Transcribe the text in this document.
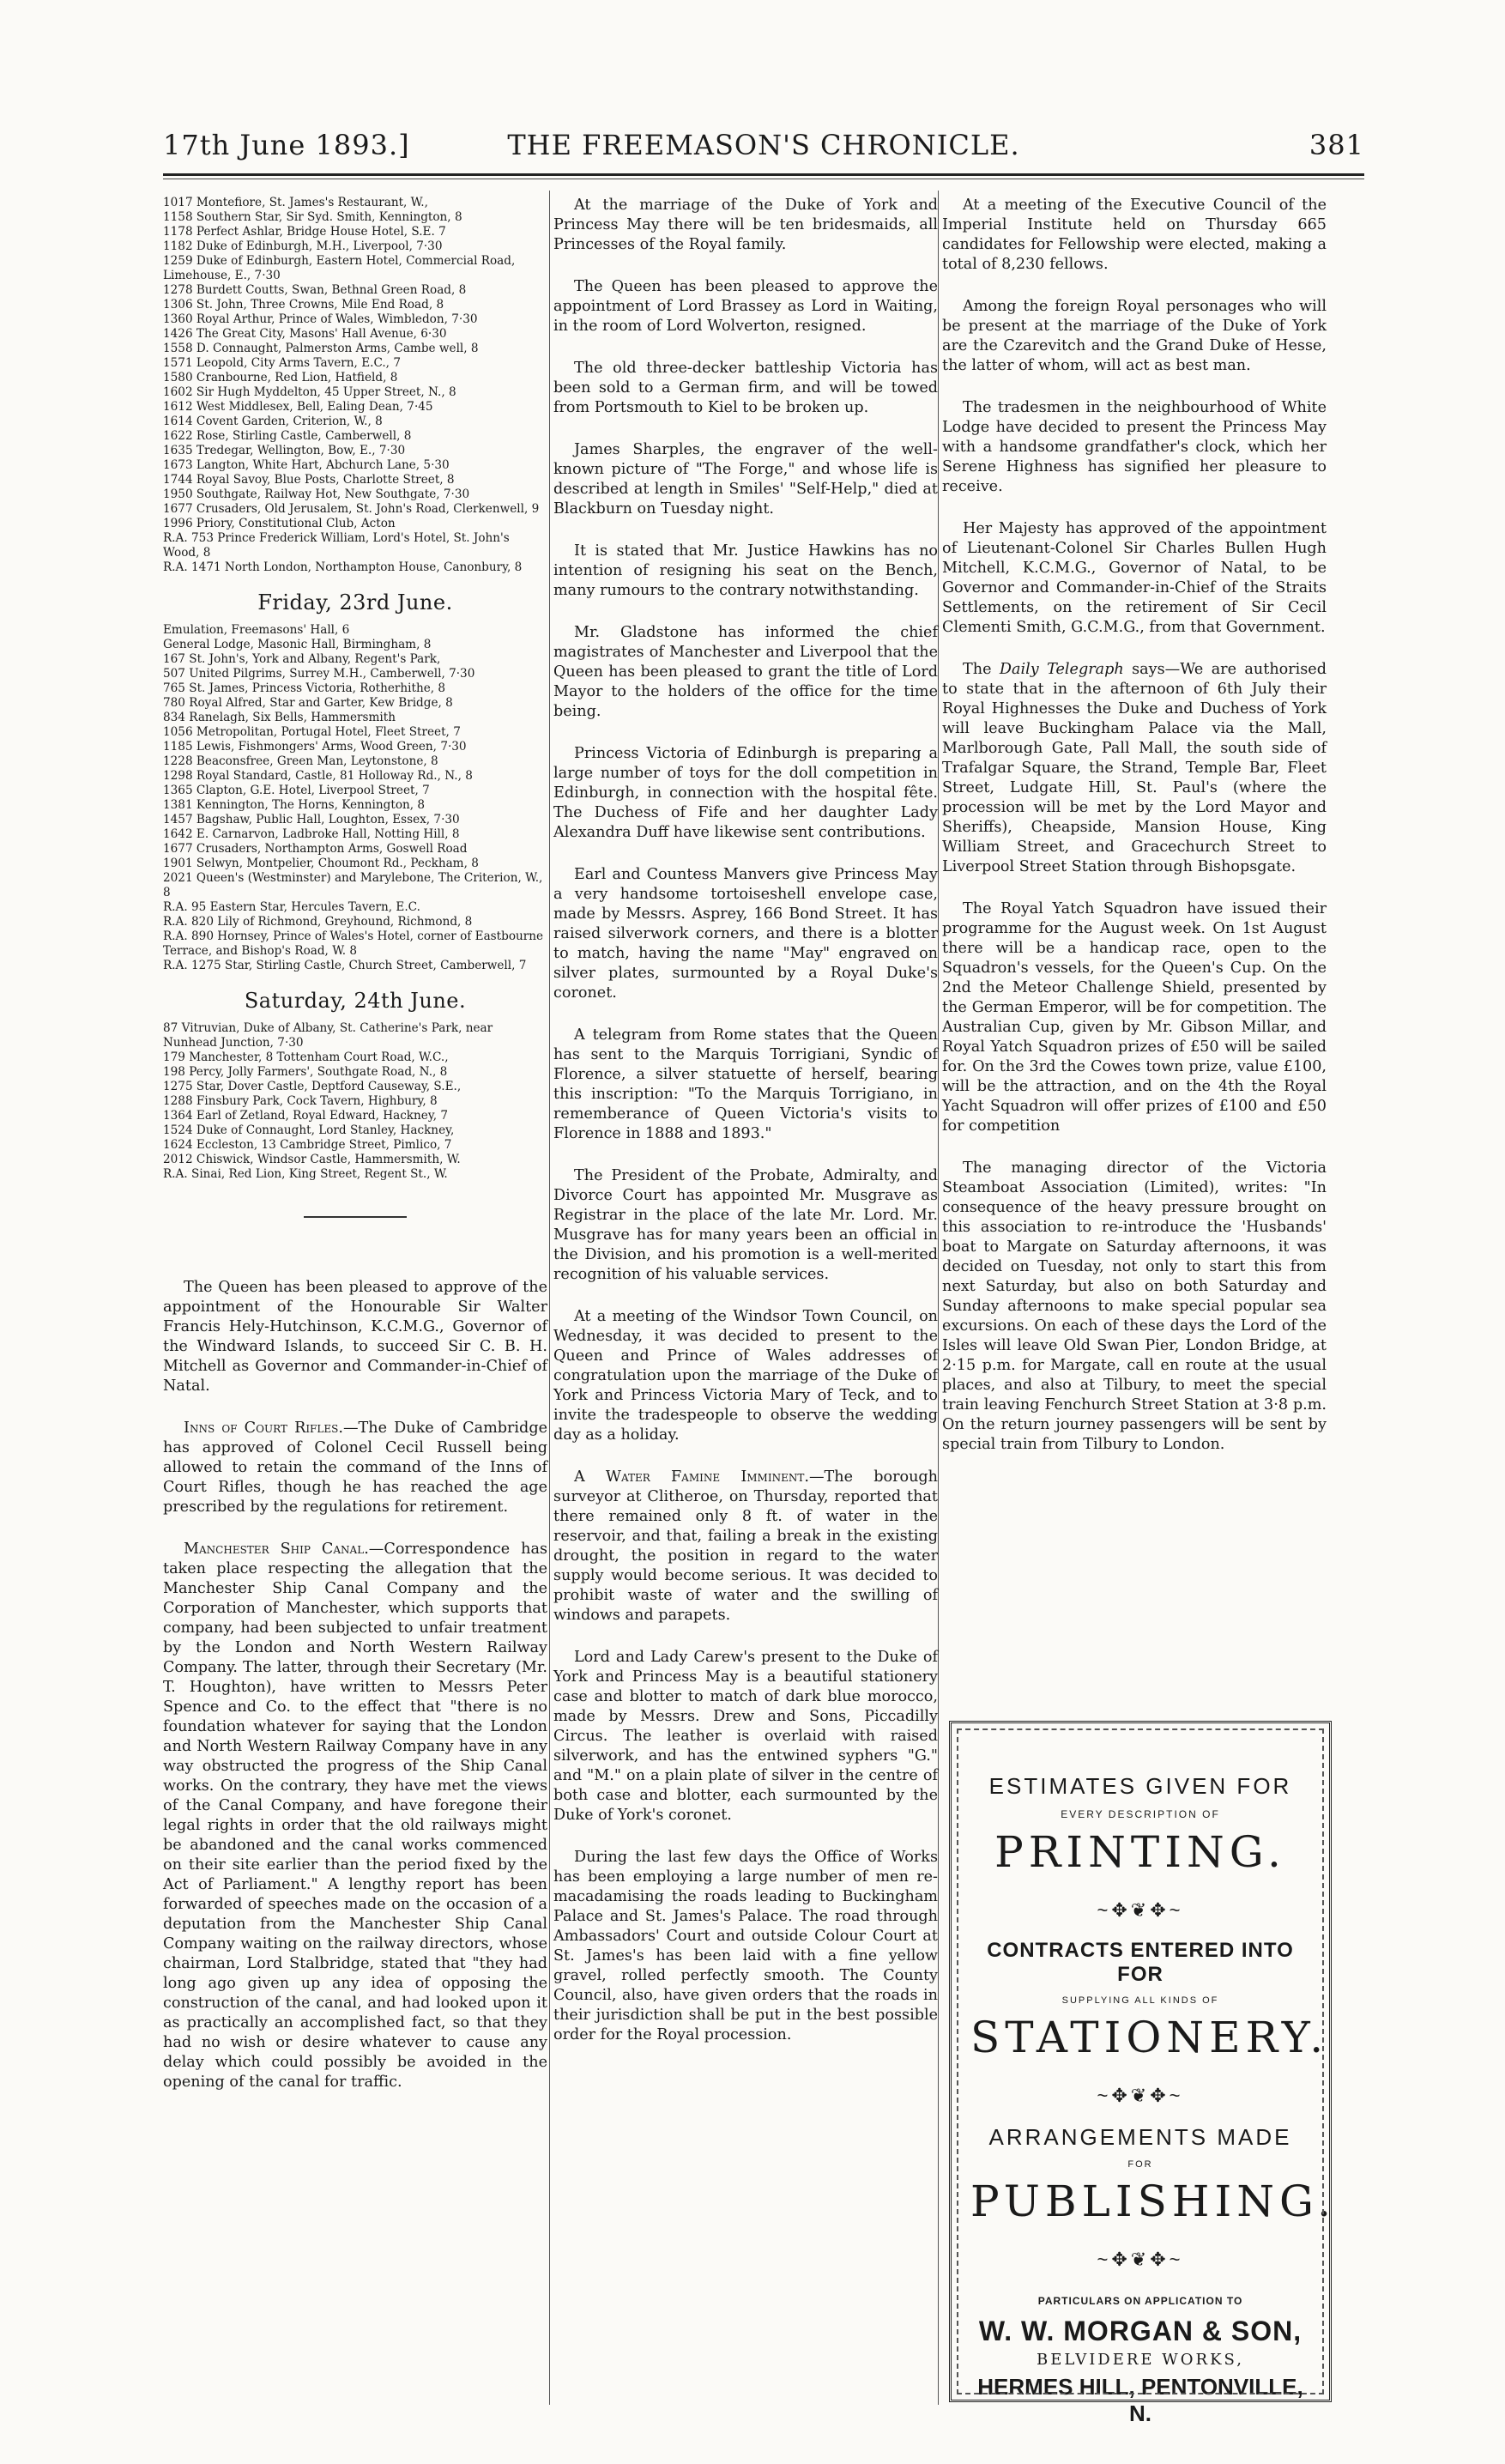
17th June 1893.]	THE FREEMASON'S CHRONICLE.	381
1017 Montefiore, St. James's Restaurant, W.,
1158 Southern Star, Sir Syd. Smith, Kennington, 8
1178 Perfect Ashlar, Bridge House Hotel, S.E. 7
1182 Duke of Edinburgh, M.H., Liverpool, 7·30
1259 Duke of Edinburgh, Eastern Hotel, Commercial Road, Limehouse, E., 7·30
1278 Burdett Coutts, Swan, Bethnal Green Road, 8
1306 St. John, Three Crowns, Mile End Road, 8
1360 Royal Arthur, Prince of Wales, Wimbledon, 7·30
1426 The Great City, Masons' Hall Avenue, 6·30
1558 D. Connaught, Palmerston Arms, Cambe well, 8
1571 Leopold, City Arms Tavern, E.C., 7
1580 Cranbourne, Red Lion, Hatfield, 8
1602 Sir Hugh Myddelton, 45 Upper Street, N., 8
1612 West Middlesex, Bell, Ealing Dean, 7·45
1614 Covent Garden, Criterion, W., 8
1622 Rose, Stirling Castle, Camberwell, 8
1635 Tredegar, Wellington, Bow, E., 7·30
1673 Langton, White Hart, Abchurch Lane, 5·30
1744 Royal Savoy, Blue Posts, Charlotte Street, 8
1950 Southgate, Railway Hot, New Southgate, 7·30
1677 Crusaders, Old Jerusalem, St. John's Road, Clerkenwell, 9
1996 Priory, Constitutional Club, Acton
R.A. 753 Prince Frederick William, Lord's Hotel, St. John's Wood, 8
R.A. 1471 North London, Northampton House, Canonbury, 8
Friday, 23rd June.
Emulation, Freemasons' Hall, 6
General Lodge, Masonic Hall, Birmingham, 8
167 St. John's, York and Albany, Regent's Park,
507 United Pilgrims, Surrey M.H., Camberwell, 7·30
765 St. James, Princess Victoria, Rotherhithe, 8
780 Royal Alfred, Star and Garter, Kew Bridge, 8
834 Ranelagh, Six Bells, Hammersmith
1056 Metropolitan, Portugal Hotel, Fleet Street, 7
1185 Lewis, Fishmongers' Arms, Wood Green, 7·30
1228 Beaconsfree, Green Man, Leytonstone, 8
1298 Royal Standard, Castle, 81 Holloway Rd., N., 8
1365 Clapton, G.E. Hotel, Liverpool Street, 7
1381 Kennington, The Horns, Kennington, 8
1457 Bagshaw, Public Hall, Loughton, Essex, 7·30
1642 E. Carnarvon, Ladbroke Hall, Notting Hill, 8
1677 Crusaders, Northampton Arms, Goswell Road
1901 Selwyn, Montpelier, Choumont Rd., Peckham, 8
2021 Queen's (Westminster) and Marylebone, The Criterion, W., 8
R.A. 95 Eastern Star, Hercules Tavern, E.C.
R.A. 820 Lily of Richmond, Greyhound, Richmond, 8
R.A. 890 Hornsey, Prince of Wales's Hotel, corner of Eastbourne Terrace, and Bishop's Road, W. 8
R.A. 1275 Star, Stirling Castle, Church Street, Camberwell, 7
Saturday, 24th June.
87 Vitruvian, Duke of Albany, St. Catherine's Park, near Nunhead Junction, 7·30
179 Manchester, 8 Tottenham Court Road, W.C.,
198 Percy, Jolly Farmers', Southgate Road, N., 8
1275 Star, Dover Castle, Deptford Causeway, S.E.,
1288 Finsbury Park, Cock Tavern, Highbury, 8
1364 Earl of Zetland, Royal Edward, Hackney, 7
1524 Duke of Connaught, Lord Stanley, Hackney,
1624 Eccleston, 13 Cambridge Street, Pimlico, 7
2012 Chiswick, Windsor Castle, Hammersmith, W.
R.A. Sinai, Red Lion, King Street, Regent St., W.

The Queen has been pleased to approve of the appointment of the Honourable Sir Walter Francis Hely-Hutchinson, K.C.M.G., Governor of the Windward Islands, to succeed Sir C. B. H. Mitchell as Governor and Commander-in-Chief of Natal.

Inns of Court Rifles.—The Duke of Cambridge has approved of Colonel Cecil Russell being allowed to retain the command of the Inns of Court Rifles, though he has reached the age prescribed by the regulations for retirement.

Manchester Ship Canal.—Correspondence has taken place respecting the allegation that the Manchester Ship Canal Company and the Corporation of Manchester, which supports that company, had been subjected to unfair treatment by the London and North Western Railway Company. The latter, through their Secretary (Mr. T. Houghton), have written to Messrs Peter Spence and Co. to the effect that "there is no foundation whatever for saying that the London and North Western Railway Company have in any way obstructed the progress of the Ship Canal works. On the contrary, they have met the views of the Canal Company, and have foregone their legal rights in order that the old railways might be abandoned and the canal works commenced on their site earlier than the period fixed by the Act of Parliament." A lengthy report has been forwarded of speeches made on the occasion of a deputation from the Manchester Ship Canal Company waiting on the railway directors, whose chairman, Lord Stalbridge, stated that "they had long ago given up any idea of opposing the construction of the canal, and had looked upon it as practically an accomplished fact, so that they had no wish or desire whatever to cause any delay which could possibly be avoided in the opening of the canal for traffic.

At the marriage of the Duke of York and Princess May there will be ten bridesmaids, all Princesses of the Royal family.

The Queen has been pleased to approve the appointment of Lord Brassey as Lord in Waiting, in the room of Lord Wolverton, resigned.

The old three-decker battleship Victoria has been sold to a German firm, and will be towed from Portsmouth to Kiel to be broken up.

James Sharples, the engraver of the well-known picture of "The Forge," and whose life is described at length in Smiles' "Self-Help," died at Blackburn on Tuesday night.

It is stated that Mr. Justice Hawkins has no intention of resigning his seat on the Bench, many rumours to the contrary notwithstanding.

Mr. Gladstone has informed the chief magistrates of Manchester and Liverpool that the Queen has been pleased to grant the title of Lord Mayor to the holders of the office for the time being.

Princess Victoria of Edinburgh is preparing a large number of toys for the doll competition in Edinburgh, in connection with the hospital fête. The Duchess of Fife and her daughter Lady Alexandra Duff have likewise sent contributions.

Earl and Countess Manvers give Princess May a very handsome tortoiseshell envelope case, made by Messrs. Asprey, 166 Bond Street. It has raised silverwork corners, and there is a blotter to match, having the name "May" engraved on silver plates, surmounted by a Royal Duke's coronet.

A telegram from Rome states that the Queen has sent to the Marquis Torrigiani, Syndic of Florence, a silver statuette of herself, bearing this inscription: "To the Marquis Torrigiano, in rememberance of Queen Victoria's visits to Florence in 1888 and 1893."

The President of the Probate, Admiralty, and Divorce Court has appointed Mr. Musgrave as Registrar in the place of the late Mr. Lord. Mr. Musgrave has for many years been an official in the Division, and his promotion is a well-merited recognition of his valuable services.

At a meeting of the Windsor Town Council, on Wednesday, it was decided to present to the Queen and Prince of Wales addresses of congratulation upon the marriage of the Duke of York and Princess Victoria Mary of Teck, and to invite the tradespeople to observe the wedding day as a holiday.

A Water Famine Imminent.—The borough surveyor at Clitheroe, on Thursday, reported that there remained only 8 ft. of water in the reservoir, and that, failing a break in the existing drought, the position in regard to the water supply would become serious. It was decided to prohibit waste of water and the swilling of windows and parapets.

Lord and Lady Carew's present to the Duke of York and Princess May is a beautiful stationery case and blotter to match of dark blue morocco, made by Messrs. Drew and Sons, Piccadilly Circus. The leather is overlaid with raised silverwork, and has the entwined syphers "G." and "M." on a plain plate of silver in the centre of both case and blotter, each surmounted by the Duke of York's coronet.

During the last few days the Office of Works has been employing a large number of men re-macadamising the roads leading to Buckingham Palace and St. James's Palace. The road through Ambassadors' Court and outside Colour Court at St. James's has been laid with a fine yellow gravel, rolled perfectly smooth. The County Council, also, have given orders that the roads in their jurisdiction shall be put in the best possible order for the Royal procession.

At a meeting of the Executive Council of the Imperial Institute held on Thursday 665 candidates for Fellowship were elected, making a total of 8,230 fellows.

Among the foreign Royal personages who will be present at the marriage of the Duke of York are the Czarevitch and the Grand Duke of Hesse, the latter of whom, will act as best man.

The tradesmen in the neighbourhood of White Lodge have decided to present the Princess May with a handsome grandfather's clock, which her Serene Highness has signified her pleasure to receive.

Her Majesty has approved of the appointment of Lieutenant-Colonel Sir Charles Bullen Hugh Mitchell, K.C.M.G., Governor of Natal, to be Governor and Commander-in-Chief of the Straits Settlements, on the retirement of Sir Cecil Clementi Smith, G.C.M.G., from that Government.

The Daily Telegraph says—We are authorised to state that in the afternoon of 6th July their Royal Highnesses the Duke and Duchess of York will leave Buckingham Palace via the Mall, Marlborough Gate, Pall Mall, the south side of Trafalgar Square, the Strand, Temple Bar, Fleet Street, Ludgate Hill, St. Paul's (where the procession will be met by the Lord Mayor and Sheriffs), Cheapside, Mansion House, King William Street, and Gracechurch Street to Liverpool Street Station through Bishopsgate.

The Royal Yatch Squadron have issued their programme for the August week. On 1st August there will be a handicap race, open to the Squadron's vessels, for the Queen's Cup. On the 2nd the Meteor Challenge Shield, presented by the German Emperor, will be for competition. The Australian Cup, given by Mr. Gibson Millar, and Royal Yatch Squadron prizes of £50 will be sailed for. On the 3rd the Cowes town prize, value £100, will be the attraction, and on the 4th the Royal Yacht Squadron will offer prizes of £100 and £50 for competition

The managing director of the Victoria Steamboat Association (Limited), writes: "In consequence of the heavy pressure brought on this association to re-introduce the 'Husbands' boat to Margate on Saturday afternoons, it was decided on Tuesday, not only to start this from next Saturday, but also on both Saturday and Sunday afternoons to make special popular sea excursions. On each of these days the Lord of the Isles will leave Old Swan Pier, London Bridge, at 2·15 p.m. for Margate, call en route at the usual places, and also at Tilbury, to meet the special train leaving Fenchurch Street Station at 3·8 p.m. On the return journey passengers will be sent by special train from Tilbury to London.

ESTIMATES GIVEN FOR
EVERY DESCRIPTION OF
PRINTING.
~✥❦✥~
CONTRACTS ENTERED INTO FOR
SUPPLYING ALL KINDS OF
STATIONERY.
~✥❦✥~
ARRANGEMENTS MADE
FOR
PUBLISHING.
~✥❦✥~
PARTICULARS ON APPLICATION TO
W. W. MORGAN & SON,
BELVIDERE WORKS,
HERMES HILL, PENTONVILLE, N.
